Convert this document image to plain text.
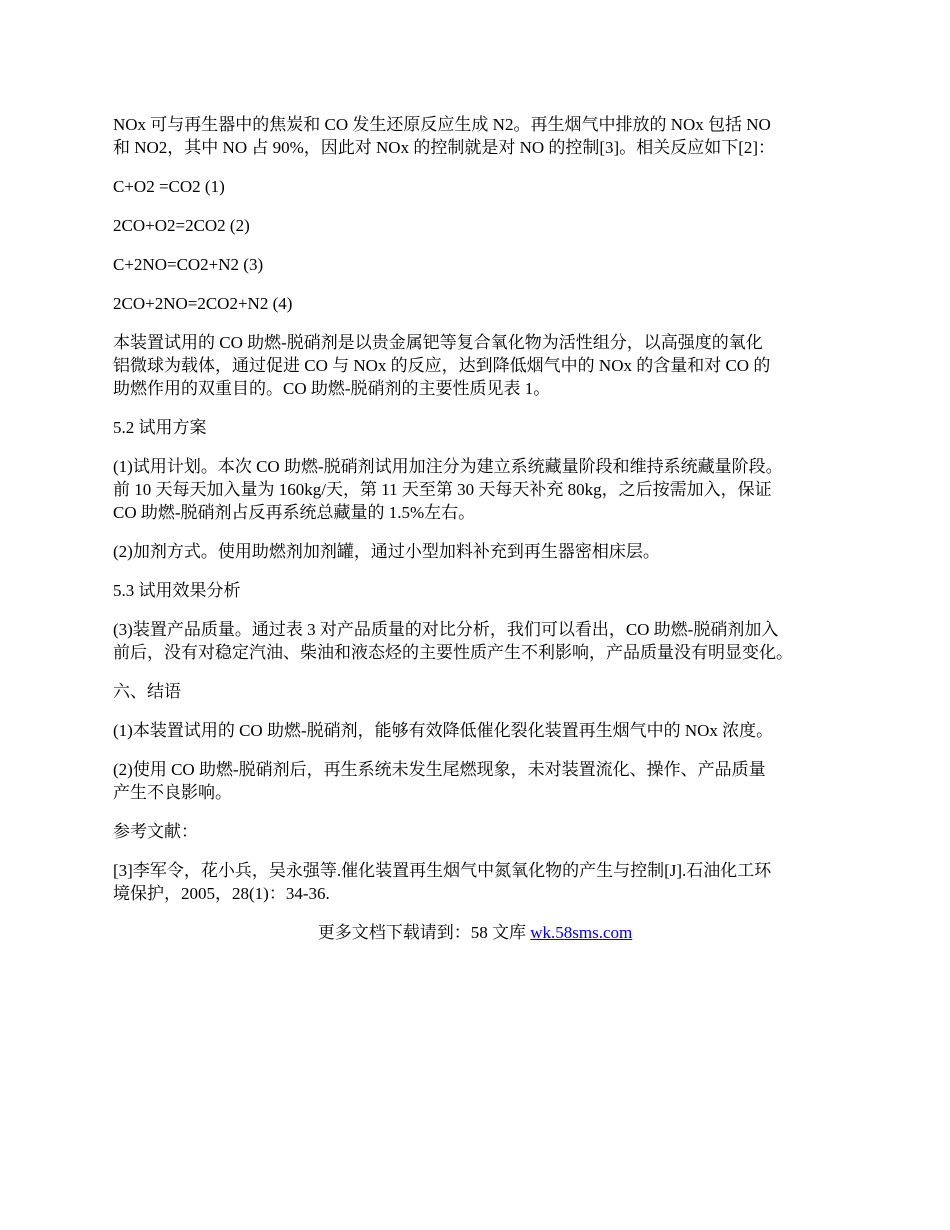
NOx 可与再生器中的焦炭和 CO 发生还原反应生成 N2。再生烟气中排放的 NOx 包括 NO
和 NO2，其中 NO 占 90%，因此对 NOx 的控制就是对 NO 的控制[3]。相关反应如下[2]：

C+O2 =CO2 (1)

2CO+O2=2CO2 (2)

C+2NO=CO2+N2 (3)

2CO+2NO=2CO2+N2 (4)

本装置试用的 CO 助燃-脱硝剂是以贵金属钯等复合氧化物为活性组分，以高强度的氧化
铝微球为载体，通过促进 CO 与 NOx 的反应，达到降低烟气中的 NOx 的含量和对 CO 的
助燃作用的双重目的。CO 助燃-脱硝剂的主要性质见表 1。

5.2 试用方案

(1)试用计划。本次 CO 助燃-脱硝剂试用加注分为建立系统藏量阶段和维持系统藏量阶段。
前 10 天每天加入量为 160kg/天，第 11 天至第 30 天每天补充 80kg，之后按需加入，保证
CO 助燃-脱硝剂占反再系统总藏量的 1.5%左右。

(2)加剂方式。使用助燃剂加剂罐，通过小型加料补充到再生器密相床层。

5.3 试用效果分析

(3)装置产品质量。通过表 3 对产品质量的对比分析，我们可以看出，CO 助燃-脱硝剂加入
前后，没有对稳定汽油、柴油和液态烃的主要性质产生不利影响，产品质量没有明显变化。

六、结语

(1)本装置试用的 CO 助燃-脱硝剂，能够有效降低催化裂化装置再生烟气中的 NOx 浓度。

(2)使用 CO 助燃-脱硝剂后，再生系统未发生尾燃现象，未对装置流化、操作、产品质量
产生不良影响。

参考文献：

[3]李军令，花小兵，吴永强等.催化装置再生烟气中氮氧化物的产生与控制[J].石油化工环
境保护，2005，28(1)：34-36.

更多文档下载请到：58 文库 wk.58sms.com
